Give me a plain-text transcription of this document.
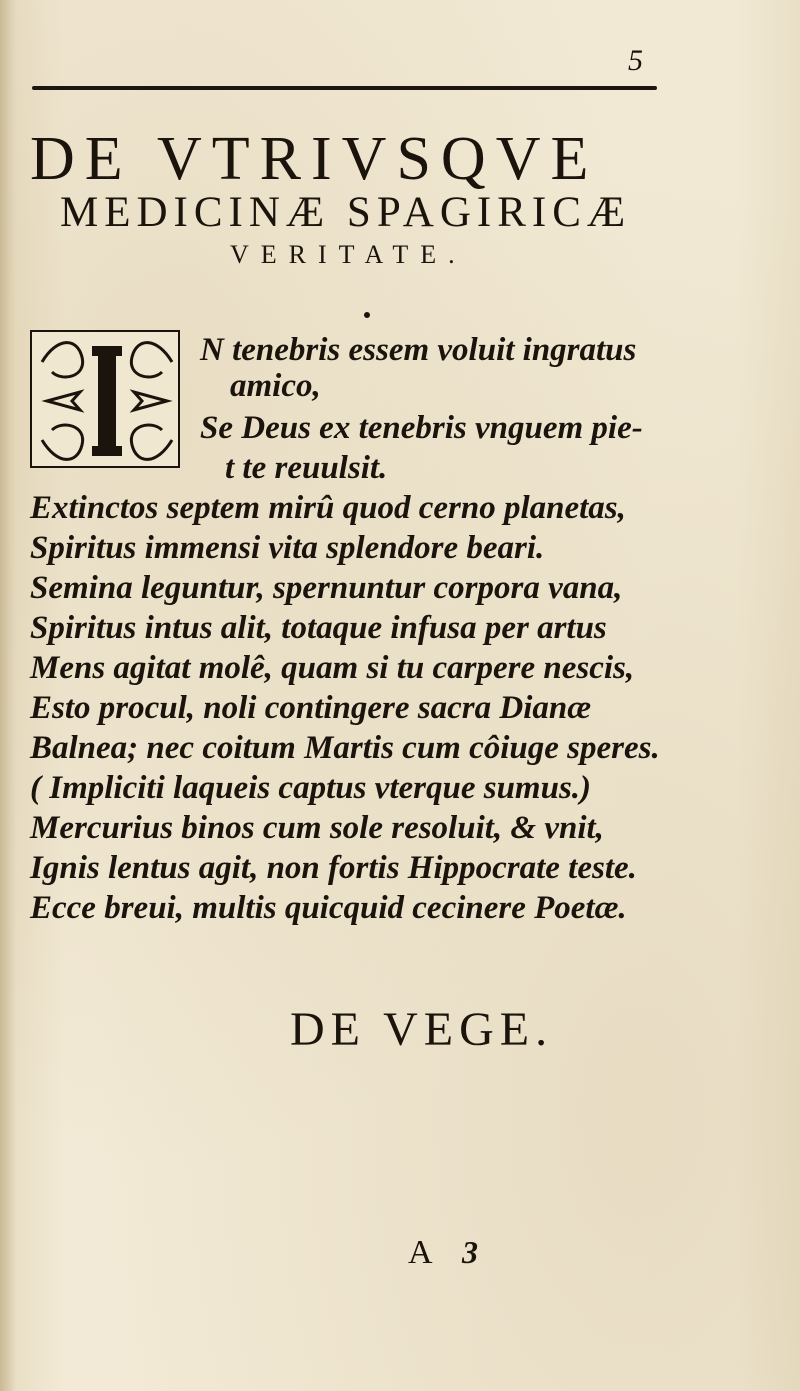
5
DE VTRIVSQVE
MEDICINÆ SPAGIRICÆ
VERITATE.
N tenebris essem voluit ingratus
amico,
Se Deus ex tenebris vnguem pie-
t te reuulsit.
Extinctos septem mirû quod cerno planetas,
Spiritus immensi vita splendore beari.
Semina leguntur, spernuntur corpora vana,
Spiritus intus alit, totaque infusa per artus
Mens agitat molê, quam si tu carpere nescis,
Esto procul, noli contingere sacra Dianæ
Balnea; nec coitum Martis cum côiuge speres.
( Impliciti laqueis captus vterque sumus.)
Mercurius binos cum sole resoluit, & vnit,
Ignis lentus agit, non fortis Hippocrate teste.
Ecce breui, multis quicquid cecinere Poetæ.
DE VEGE.
A 3
